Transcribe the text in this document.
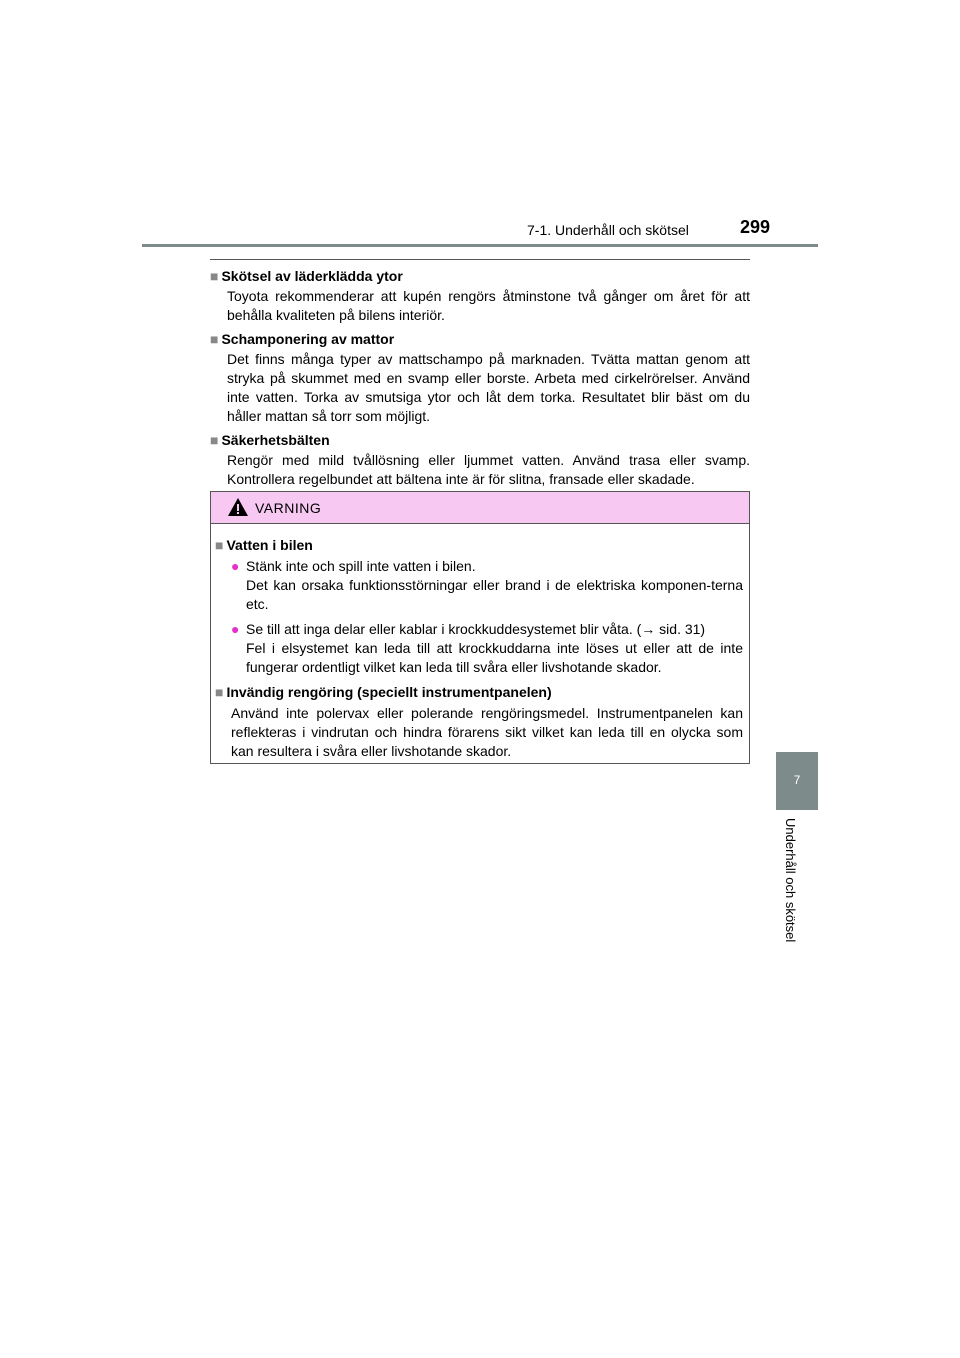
7-1. Underhåll och skötsel	299
7
Underhåll och skötsel

■ Skötsel av läderklädda ytor

Toyota rekommenderar att kupén rengörs åtminstone två gånger om året för att behålla kvaliteten på bilens interiör.

■ Schamponering av mattor

Det finns många typer av mattschampo på marknaden. Tvätta mattan genom att stryka på skummet med en svamp eller borste. Arbeta med cirkelrörelser. Använd inte vatten. Torka av smutsiga ytor och låt dem torka. Resultatet blir bäst om du håller mattan så torr som möjligt.

■ Säkerhetsbälten

Rengör med mild tvållösning eller ljummet vatten. Använd trasa eller svamp. Kontrollera regelbundet att bältena inte är för slitna, fransade eller skadade.

VARNING

■ Vatten i bilen

● Stänk inte och spill inte vatten i bilen.
Det kan orsaka funktionsstörningar eller brand i de elektriska komponen-terna etc.
● Se till att inga delar eller kablar i krockkuddesystemet blir våta. (→ sid. 31)
Fel i elsystemet kan leda till att krockkuddarna inte löses ut eller att de inte fungerar ordentligt vilket kan leda till svåra eller livshotande skador.

■ Invändig rengöring (speciellt instrumentpanelen)

Använd inte polervax eller polerande rengöringsmedel. Instrumentpanelen kan reflekteras i vindrutan och hindra förarens sikt vilket kan leda till en olycka som kan resultera i svåra eller livshotande skador.
